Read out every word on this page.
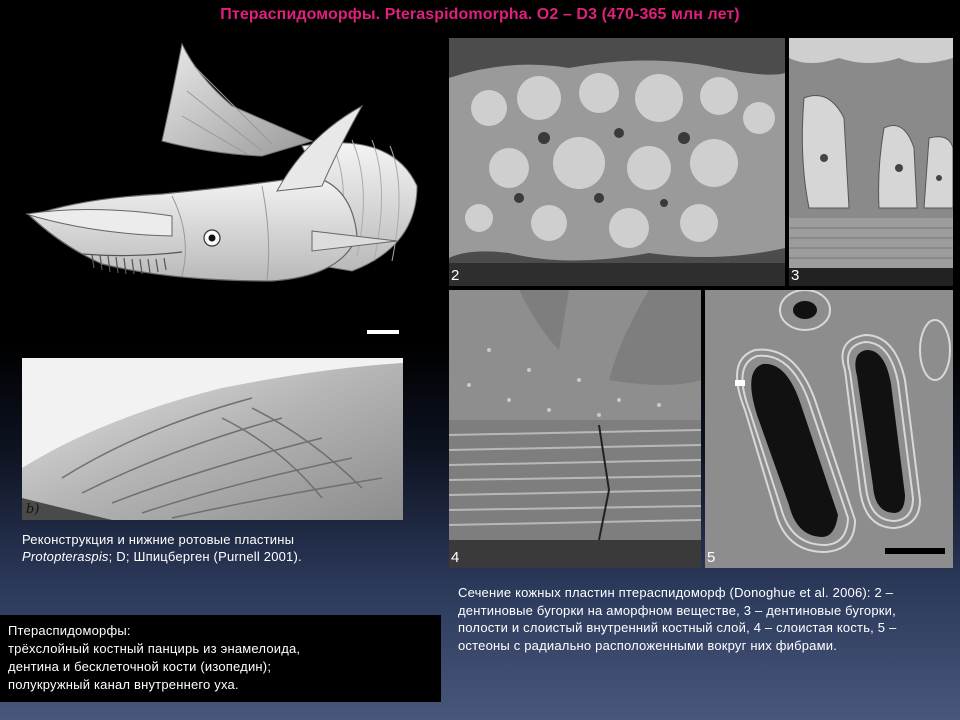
Птераспидоморфы. Pteraspidomorpha. O2 – D3 (470-365 млн лет)
b)
2	3
4	5
Реконструкция и нижние ротовые пластины
Protopteraspis; D; Шпицберген (Purnell 2001).
Сечение кожных пластин птераспидоморф (Donoghue et al. 2006): 2 – дентиновые бугорки на аморфном веществе, 3 – дентиновые бугорки, полости и слоистый внутренний костный слой, 4 – слоистая кость, 5 – остеоны с радиально расположенными вокруг них фибрами.
Птераспидоморфы:
трёхслойный костный панцирь из энамелоида,
дентина и бесклеточной кости (изопедин);
полукружный канал внутреннего уха.
